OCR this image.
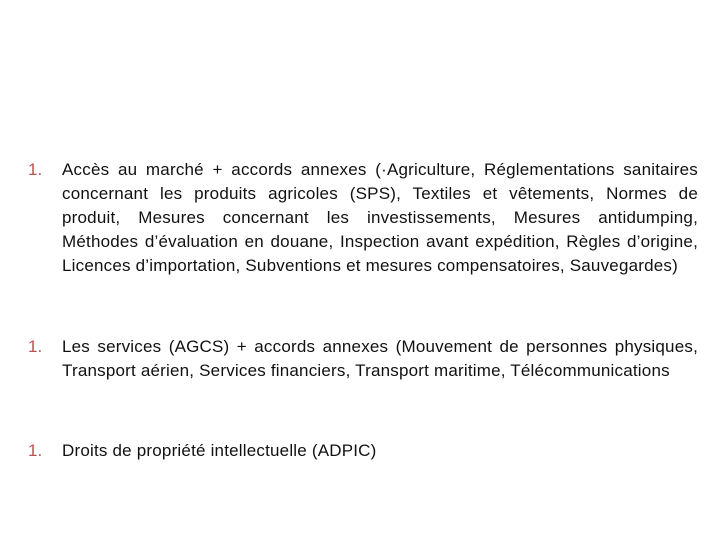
1.	Accès au marché + accords annexes (·Agriculture, Réglementations sanitaires concernant les produits agricoles (SPS), Textiles et vêtements, Normes de produit, Mesures concernant les investissements, Mesures antidumping, Méthodes d’évaluation en douane, Inspection avant expédition, Règles d’origine, Licences d’importation, Subventions et mesures compensatoires, Sauvegardes)
1.	Les services (AGCS) + accords annexes (Mouvement de personnes physiques, Transport aérien, Services financiers, Transport maritime, Télécommunications
1.	Droits de propriété intellectuelle (ADPIC)
